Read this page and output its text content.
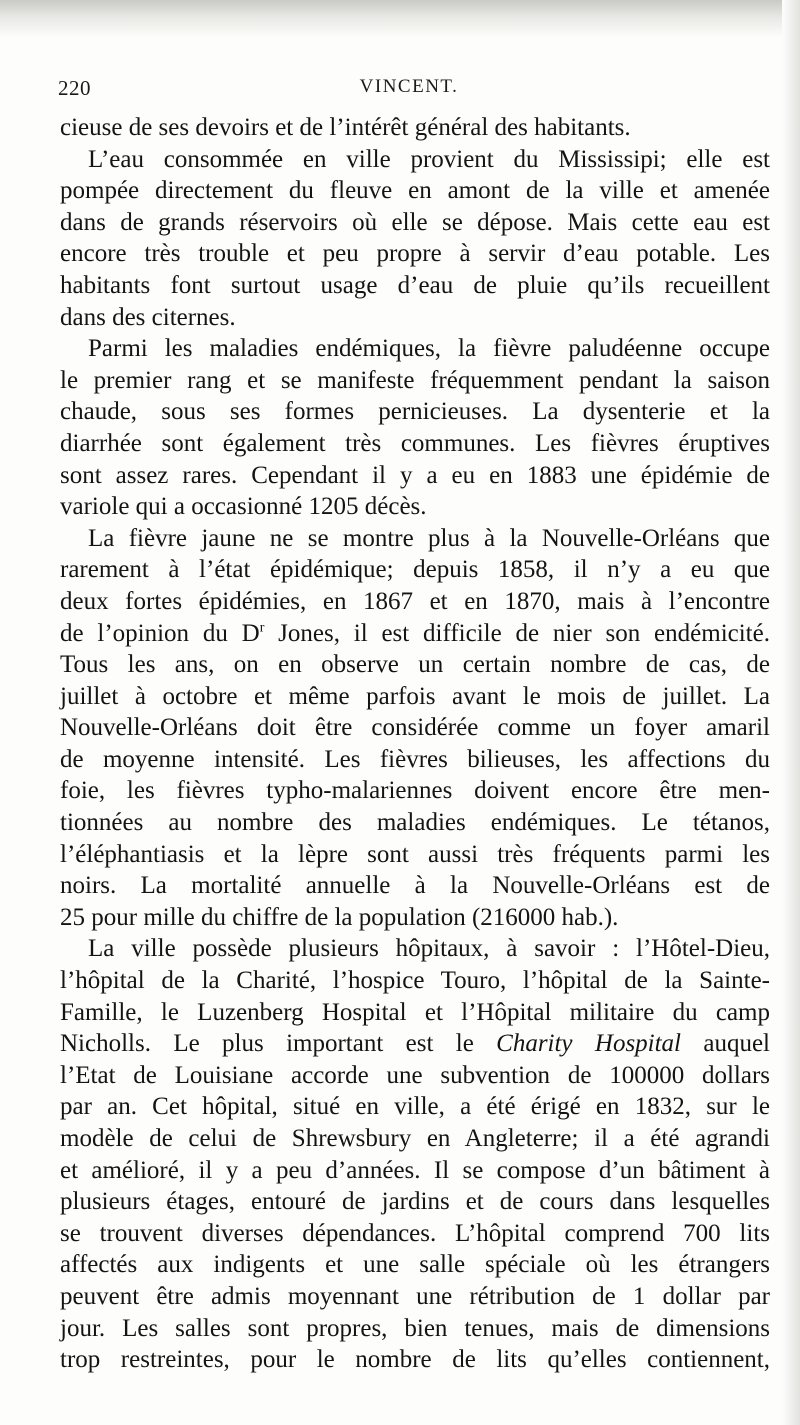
220	VINCENT.

cieuse de ses devoirs et de l’intérêt général des habitants.

L’eau consommée en ville provient du Mississipi; elle est
pompée directement du fleuve en amont de la ville et amenée
dans de grands réservoirs où elle se dépose. Mais cette eau est
encore très trouble et peu propre à servir d’eau potable. Les
habitants font surtout usage d’eau de pluie qu’ils recueillent
dans des citernes.

Parmi les maladies endémiques, la fièvre paludéenne occupe
le premier rang et se manifeste fréquemment pendant la saison
chaude, sous ses formes pernicieuses. La dysenterie et la
diarrhée sont également très communes. Les fièvres éruptives
sont assez rares. Cependant il y a eu en 1883 une épidémie de
variole qui a occasionné 1205 décès.

La fièvre jaune ne se montre plus à la Nouvelle-Orléans que
rarement à l’état épidémique; depuis 1858, il n’y a eu que
deux fortes épidémies, en 1867 et en 1870, mais à l’encontre
de l’opinion du $D^r$ Jones, il est difficile de nier son endémicité.
Tous les ans, on en observe un certain nombre de cas, de
juillet à octobre et même parfois avant le mois de juillet. La
Nouvelle-Orléans doit être considérée comme un foyer amaril
de moyenne intensité. Les fièvres bilieuses, les affections du
foie, les fièvres typho-malariennes doivent encore être men-
tionnées au nombre des maladies endémiques. Le tétanos,
l’éléphantiasis et la lèpre sont aussi très fréquents parmi les
noirs. La mortalité annuelle à la Nouvelle-Orléans est de
25 pour mille du chiffre de la population (216000 hab.).

La ville possède plusieurs hôpitaux, à savoir : l’Hôtel-Dieu,
l’hôpital de la Charité, l’hospice Touro, l’hôpital de la Sainte-
Famille, le Luzenberg Hospital et l’Hôpital militaire du camp
Nicholls. Le plus important est le Charity Hospital auquel
l’Etat de Louisiane accorde une subvention de 100000 dollars
par an. Cet hôpital, situé en ville, a été érigé en 1832, sur le
modèle de celui de Shrewsbury en Angleterre; il a été agrandi
et amélioré, il y a peu d’années. Il se compose d’un bâtiment à
plusieurs étages, entouré de jardins et de cours dans lesquelles
se trouvent diverses dépendances. L’hôpital comprend 700 lits
affectés aux indigents et une salle spéciale où les étrangers
peuvent être admis moyennant une rétribution de 1 dollar par
jour. Les salles sont propres, bien tenues, mais de dimensions
trop restreintes, pour le nombre de lits qu’elles contiennent,
